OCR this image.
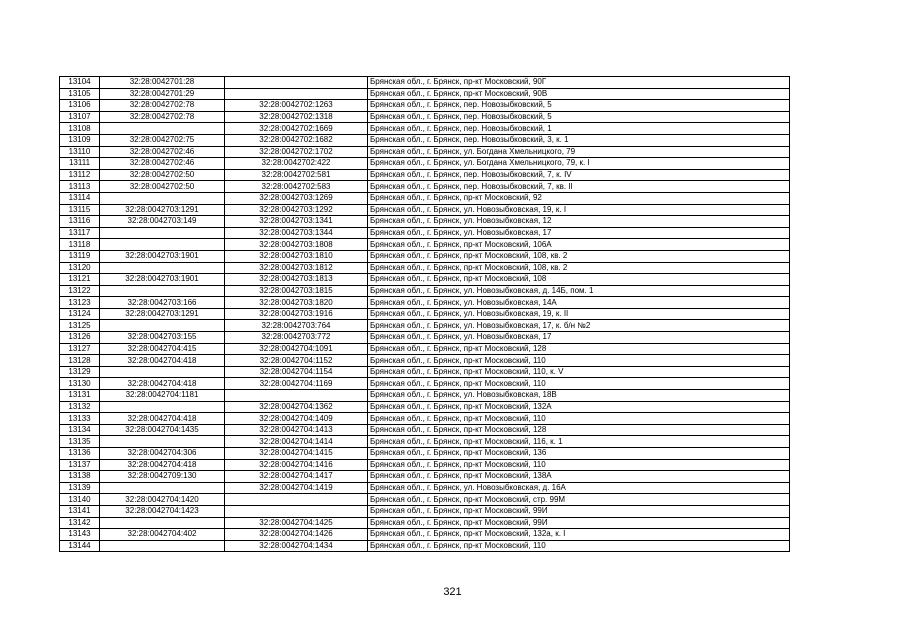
13104	32:28:0042701:28		Брянская обл., г. Брянск, пр-кт Московский, 90Г
13105	32:28:0042701:29		Брянская обл., г. Брянск, пр-кт Московский, 90В
13106	32:28:0042702:78	32:28:0042702:1263	Брянская обл., г. Брянск, пер. Новозыбковский, 5
13107	32:28:0042702:78	32:28:0042702:1318	Брянская обл., г. Брянск, пер. Новозыбковский, 5
13108		32:28:0042702:1669	Брянская обл., г. Брянск, пер. Новозыбковский, 1
13109	32:28:0042702:75	32:28:0042702:1682	Брянская обл., г. Брянск, пер. Новозыбковский, 3, к. 1
13110	32:28:0042702:46	32:28:0042702:1702	Брянская обл., г. Брянск, ул. Богдана Хмельницкого, 79
13111	32:28:0042702:46	32:28:0042702:422	Брянская обл., г. Брянск, ул. Богдана Хмельницкого, 79, к. I
13112	32:28:0042702:50	32:28:0042702:581	Брянская обл., г. Брянск, пер. Новозыбковский, 7, к. IV
13113	32:28:0042702:50	32:28:0042702:583	Брянская обл., г. Брянск, пер. Новозыбковский, 7, кв. II
13114		32:28:0042703:1269	Брянская обл., г. Брянск, пр-кт Московский, 92
13115	32:28:0042703:1291	32:28:0042703:1292	Брянская обл., г. Брянск, ул. Новозыбковская, 19, к. I
13116	32:28:0042703:149	32:28:0042703:1341	Брянская обл., г. Брянск, ул. Новозыбковская, 12
13117		32:28:0042703:1344	Брянская обл., г. Брянск, ул. Новозыбковская, 17
13118		32:28:0042703:1808	Брянская обл., г. Брянск, пр-кт Московский, 106А
13119	32:28:0042703:1901	32:28:0042703:1810	Брянская обл., г. Брянск, пр-кт Московский, 108, кв. 2
13120		32:28:0042703:1812	Брянская обл., г. Брянск, пр-кт Московский, 108, кв. 2
13121	32:28:0042703:1901	32:28:0042703:1813	Брянская обл., г. Брянск, пр-кт Московский, 108
13122		32:28:0042703:1815	Брянская обл., г. Брянск, ул. Новозыбковская, д. 14Б, пом. 1
13123	32:28:0042703:166	32:28:0042703:1820	Брянская обл., г. Брянск, ул. Новозыбковская, 14А
13124	32:28:0042703:1291	32:28:0042703:1916	Брянская обл., г. Брянск, ул. Новозыбковская, 19, к. II
13125		32:28:0042703:764	Брянская обл., г. Брянск, ул. Новозыбковская, 17, к. б/н №2
13126	32:28:0042703:155	32:28:0042703:772	Брянская обл., г. Брянск, ул. Новозыбковская, 17
13127	32:28:0042704:415	32:28:0042704:1091	Брянская обл., г. Брянск, пр-кт Московский, 128
13128	32:28:0042704:418	32:28:0042704:1152	Брянская обл., г. Брянск, пр-кт Московский, 110
13129		32:28:0042704:1154	Брянская обл., г. Брянск, пр-кт Московский, 110, к. V
13130	32:28:0042704:418	32:28:0042704:1169	Брянская обл., г. Брянск, пр-кт Московский, 110
13131	32:28:0042704:1181		Брянская обл., г. Брянск, ул. Новозыбковская, 18В
13132		32:28:0042704:1362	Брянская обл., г. Брянск, пр-кт Московский, 132А
13133	32:28:0042704:418	32:28:0042704:1409	Брянская обл., г. Брянск, пр-кт Московский, 110
13134	32:28:0042704:1435	32:28:0042704:1413	Брянская обл., г. Брянск, пр-кт Московский, 128
13135		32:28:0042704:1414	Брянская обл., г. Брянск, пр-кт Московский, 116, к. 1
13136	32:28:0042704:306	32:28:0042704:1415	Брянская обл., г. Брянск, пр-кт Московский, 136
13137	32:28:0042704:418	32:28:0042704:1416	Брянская обл., г. Брянск, пр-кт Московский, 110
13138	32:28:0042709:130	32:28:0042704:1417	Брянская обл., г. Брянск, пр-кт Московский, 138А
13139		32:28:0042704:1419	Брянская обл., г. Брянск, ул. Новозыбковская, д. 16А
13140	32:28:0042704:1420		Брянская обл., г. Брянск, пр-кт Московский, стр. 99М
13141	32:28:0042704:1423		Брянская обл., г. Брянск, пр-кт Московский, 99И
13142		32:28:0042704:1425	Брянская обл., г. Брянск, пр-кт Московский, 99И
13143	32:28:0042704:402	32:28:0042704:1426	Брянская обл., г. Брянск, пр-кт Московский, 132а, к. I
13144		32:28:0042704:1434	Брянская обл., г. Брянск, пр-кт Московский, 110
321
